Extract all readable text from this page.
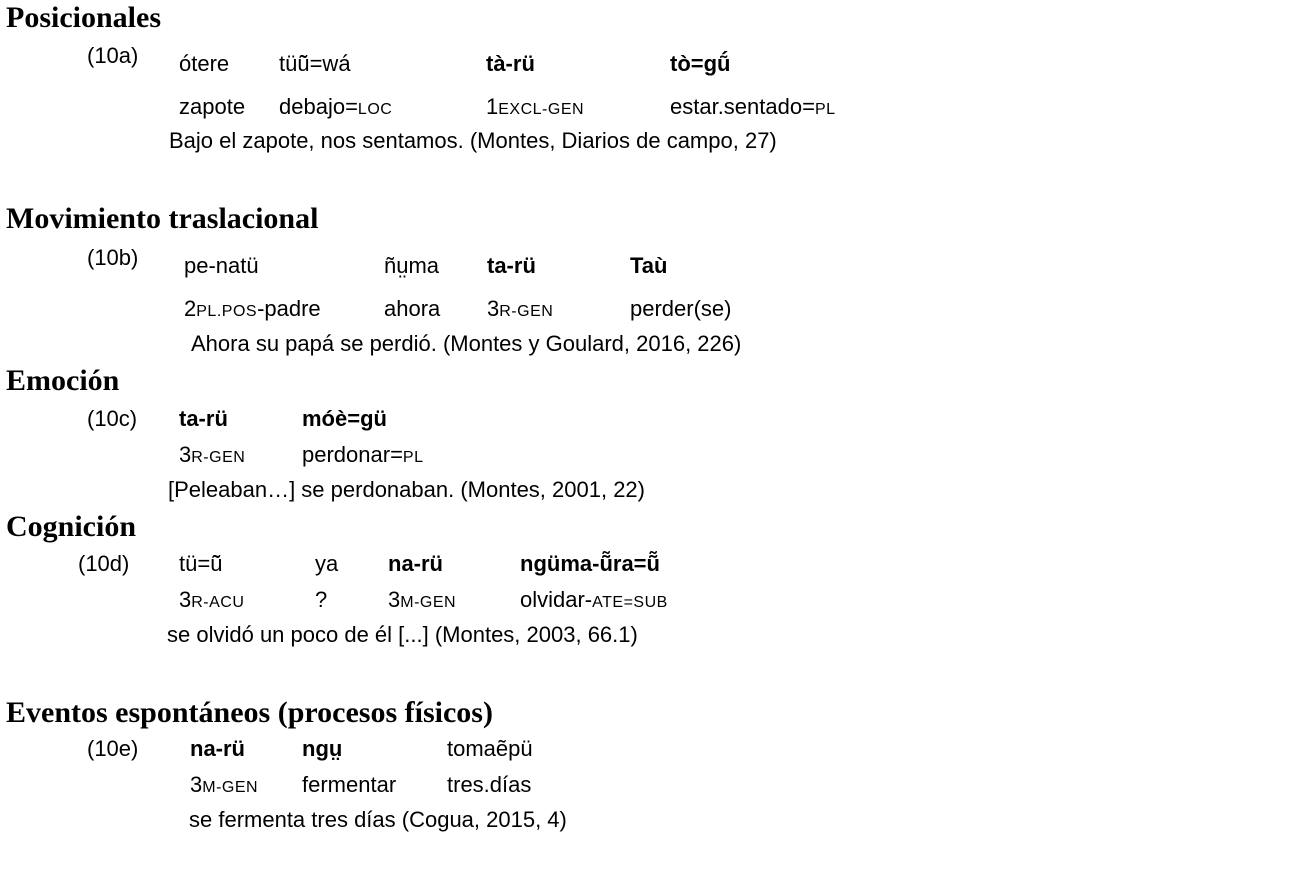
Posicionales
(10a) ótere tüũ̃=wá	tà-rü	tò=gṹ
zapote debajo=LOC	1EXCL-GEN	estar.sentado=PL
Bajo el zapote, nos sentamos. (Montes, Diarios de campo, 27)
Movimiento traslacional
(10b) pe-natü	ñṳma ta-rü	Taù
2PL.POS-padre	ahora 3R-GEN	perder(se)
Ahora su papá se perdió. (Montes y Goulard, 2016, 226)
Emoción
(10c) ta-rü	móè=gü
3R-GEN	perdonar=PL
[Peleaban…] se perdonaban. (Montes, 2001, 22)
Cognición
(10d) tü=ũ̃	ya na-rü	ngüma-ũ̃ra=ũ̃
3R-ACU	?	3M-GEN	olvidar-ATE=SUB
se olvidó un poco de él [...] (Montes, 2003, 66.1)
Eventos espontáneos (procesos físicos)
(10e) na-rü	ngṳ	tomaẽpü
3M-GEN fermentar tres.días
se fermenta tres días (Cogua, 2015, 4)
